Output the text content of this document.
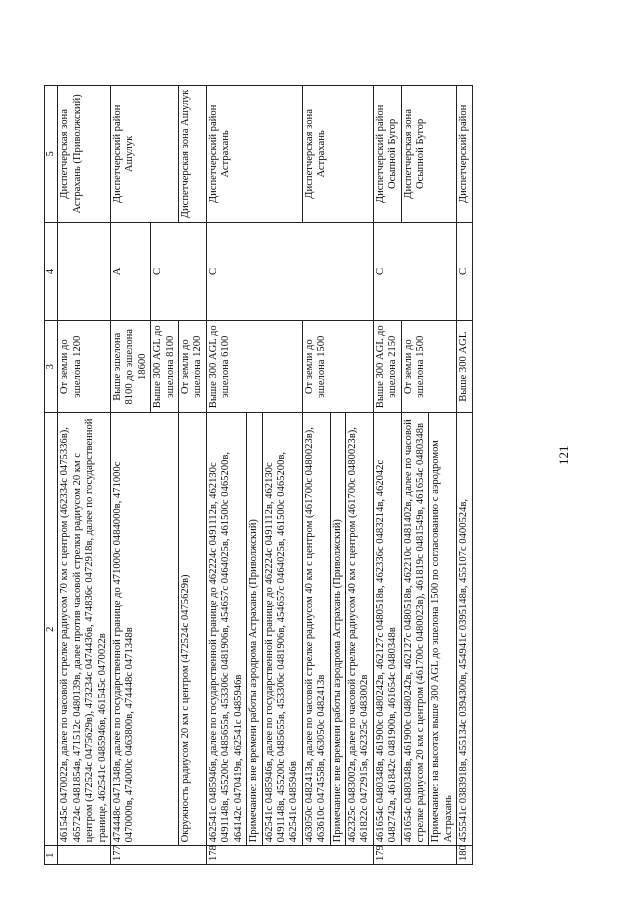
121
1	2	3	4	5
	461545с 0470022в, далее по часовой стрелке радиусом 70 км с центром (462334с 0475336в), 465724с 0481854в, 471512с 0480139в, далее против часовой стрелки радиусом 20 км с центром (472524с 0475629в), 473234с 0474436в, 474836с 0472918в, далее по государственной границе, 462541с 0485946в, 461545с 0470022в	От земли до эшелона 1200		Диспетчерская зона Астрахань (Приволжский)
177	474448с 0471348в, далее по государственной границе до 471000с 0484000в, 471000с 0470000в, 474000с 0463800в, 474448с 0471348в	Выше эшелона 8100 до эшелона 18600	А	Диспетчерский район Ашулук
		Выше 300 AGL до эшелона 8100	С	
	Окружность радиусом 20 км с центром (472524с 0475629в)	От земли до эшелона 1200		Диспетчерская зона Ашулук
178	462541с 0485946в, далее по государственной границе до 462224с 0491112в, 462130с 0491148в, 455200с 0485655в, 453306с 0481906в, 454657с 0464025в, 461500с 0465200в, 464142с 0470419в, 462541с 0485946в	Выше 300 AGL до эшелона 6100	С	Диспетчерский район Астрахань
	Примечание: вне времени работы аэродрома Астрахань (Приволжский)			
	462541с 0485946в, далее по государственной границе до 462224с 0491112в, 462130с 0491148в, 455200с 0485655в, 453306с 0481906в, 454657с 0464025в, 461500с 0465200в, 462541с 0485946в			
	463050с 0482413в, далее по часовой стрелке радиусом 40 км с центром (461700с 0480023в), 463610с 0474558в, 463050с 0482413в	От земли до эшелона 1500		Диспетчерская зона Астрахань
	Примечание: вне времени работы аэродрома Астрахань (Приволжский)			
	462325с 0483002в, далее по часовой стрелке радиусом 40 км с центром (461700с 0480023в), 461822с 0472915в, 462325с 0483002в			
179	461654с 0480348в, 461900с 0480242в, 462127с 0480518в, 462336с 0483214в, 462042с 0482742в, 461842с 0481900в, 461654с 0480348в	Выше 300 AGL до эшелона 2150	С	Диспетчерский район Осыпной Бугор
	461654с 0480348в, 461900с 0480242в, 462127с 0480518в, 462210с 0481402в, далее по часовой стрелке радиусом 20 км с центром (461700с 0480023в), 461819с 0481549в, 461654с 0480348в	От земли до эшелона 1500		Диспетчерская зона Осыпной Бугор
	Примечание: на высотах выше 300 AGL до эшелона 1500 по согласованию с аэродромом Астрахань			
180	455541с 0383918в, 455134с 0394300в, 454941с 0395148в, 455107с 0400524в,	Выше 300 AGL	С	Диспетчерский район
